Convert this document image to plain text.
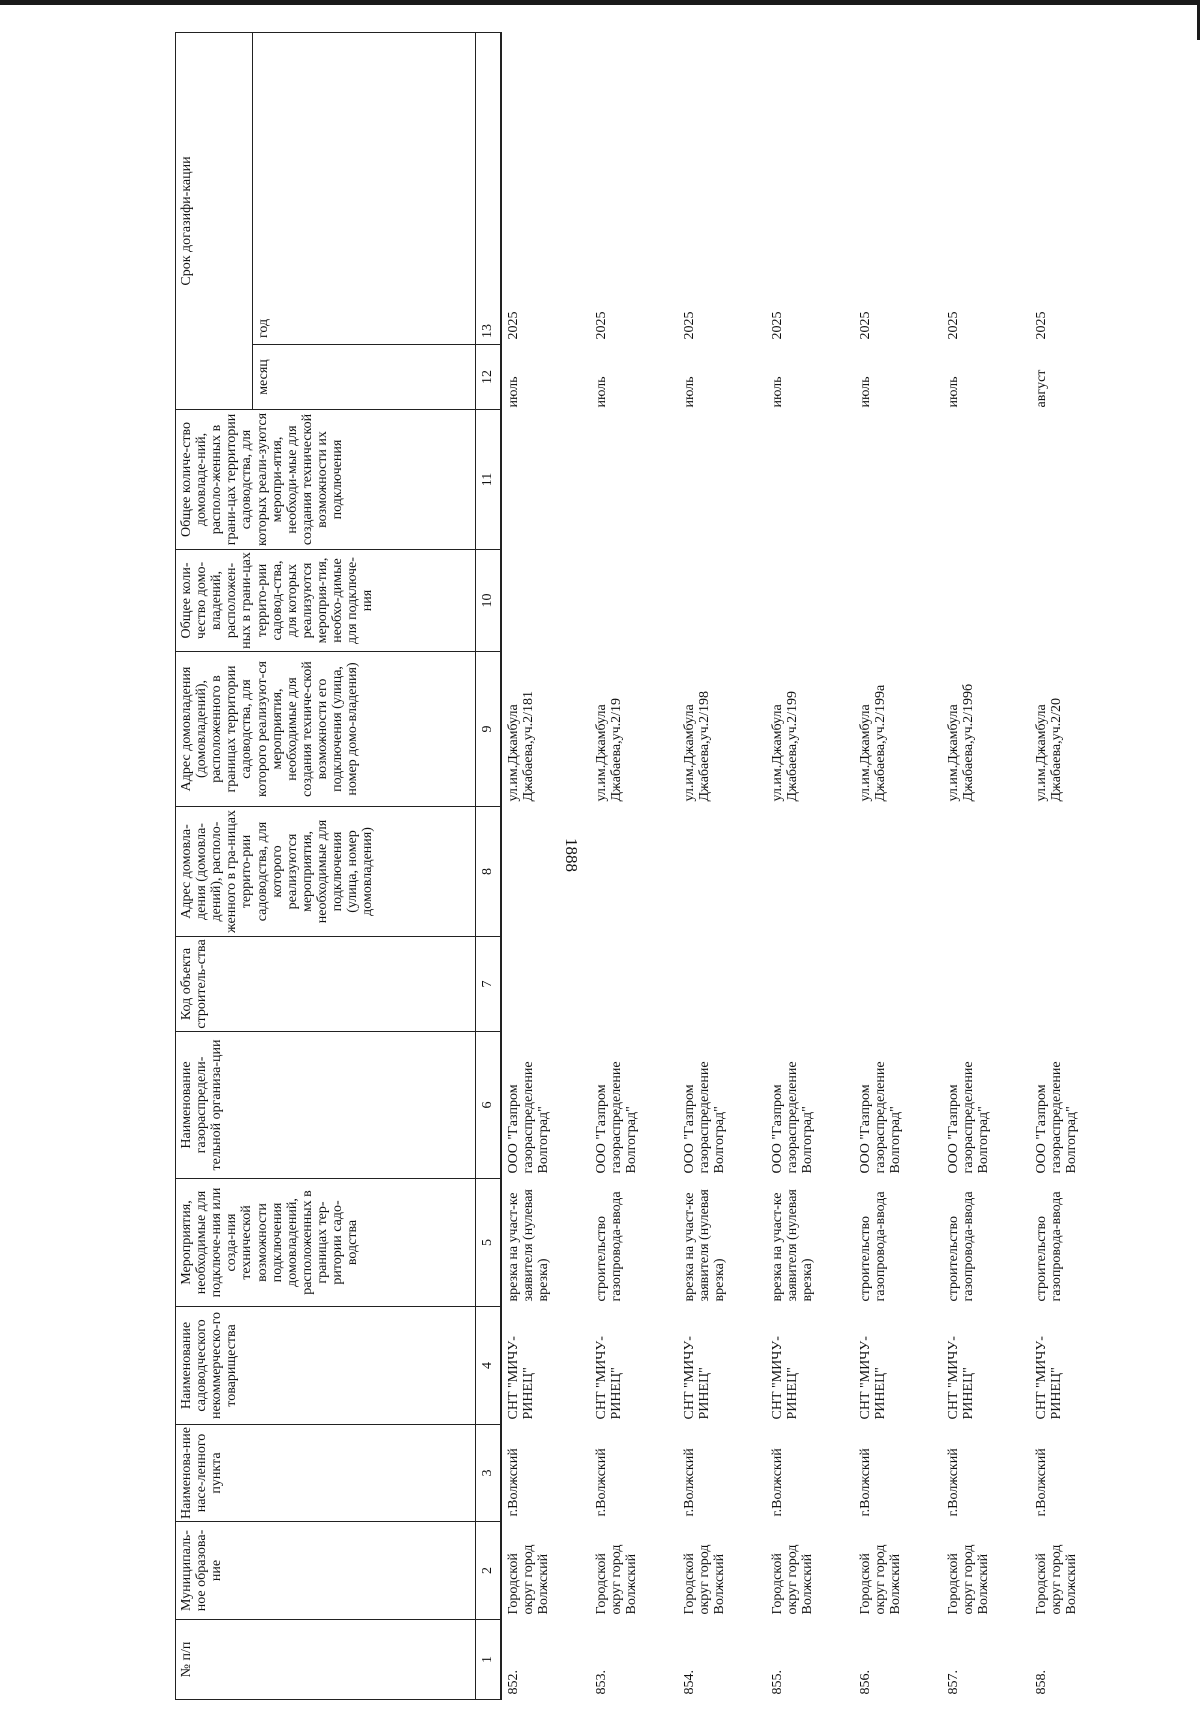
1888
№ п/п	Муниципаль-ное образова-ние	Наименова-ние насе-ленного пункта	Наименование садоводческого некоммерческо-го товарищества	Мероприятия, необходимые для подключе-ния или созда-ния технической возможности подключения домовладений, расположенных в границах тер-ритории садо-водства	Наименование газораспредели-тельной организа-ции	Код объекта строитель-ства	Адрес домовла-дения (домовла-дений), располо-женного в гра-ницах террито-рии садоводства, для которого реализуются мероприятия, необходимые для подключения (улица, номер домовладения)	Адрес домовладения (домовладений), расположенного в границах территории садоводства, для которого реализуют-ся мероприятия, необходимые для создания техниче-ской возможности его подключения (улица, номер домо-владения)	Общее коли-чество домо-владений, расположен-ных в грани-цах террито-рии садовод-ства, для которых реализуются мероприя-тия, необхо-димые для подключе-ния	Общее количе-ство домовладе-ний, располо-женных в грани-цах территории садоводства, для которых реали-зуются меропри-ятия, необходи-мые для создания технической возможности их подключения	Срок догазифи-кации	
											месяц	год
1	2	3	4	5	6	7	8	9	10	11	12	13
852.	Городской округ город Волжский	г.Волжский	СНТ "МИЧУ-РИНЕЦ"	врезка на участ-ке заявителя (нулевая врезка)	ООО "Газпром газораспределение Волгоград"			ул.им.Джамбула Джабаева,уч.2/181			июль	2025
853.	Городской округ город Волжский	г.Волжский	СНТ "МИЧУ-РИНЕЦ"	строительство газопровода-ввода	ООО "Газпром газораспределение Волгоград"			ул.им.Джамбула Джабаева,уч.2/19			июль	2025
854.	Городской округ город Волжский	г.Волжский	СНТ "МИЧУ-РИНЕЦ"	врезка на участ-ке заявителя (нулевая врезка)	ООО "Газпром газораспределение Волгоград"			ул.им.Джамбула Джабаева,уч.2/198			июль	2025
855.	Городской округ город Волжский	г.Волжский	СНТ "МИЧУ-РИНЕЦ"	врезка на участ-ке заявителя (нулевая врезка)	ООО "Газпром газораспределение Волгоград"			ул.им.Джамбула Джабаева,уч.2/199			июль	2025
856.	Городской округ город Волжский	г.Волжский	СНТ "МИЧУ-РИНЕЦ"	строительство газопровода-ввода	ООО "Газпром газораспределение Волгоград"			ул.им.Джамбула Джабаева,уч.2/199а			июль	2025
857.	Городской округ город Волжский	г.Волжский	СНТ "МИЧУ-РИНЕЦ"	строительство газопровода-ввода	ООО "Газпром газораспределение Волгоград"			ул.им.Джамбула Джабаева,уч.2/199б			июль	2025
858.	Городской округ город Волжский	г.Волжский	СНТ "МИЧУ-РИНЕЦ"	строительство газопровода-ввода	ООО "Газпром газораспределение Волгоград"			ул.им.Джамбула Джабаева,уч.2/20			август	2025
